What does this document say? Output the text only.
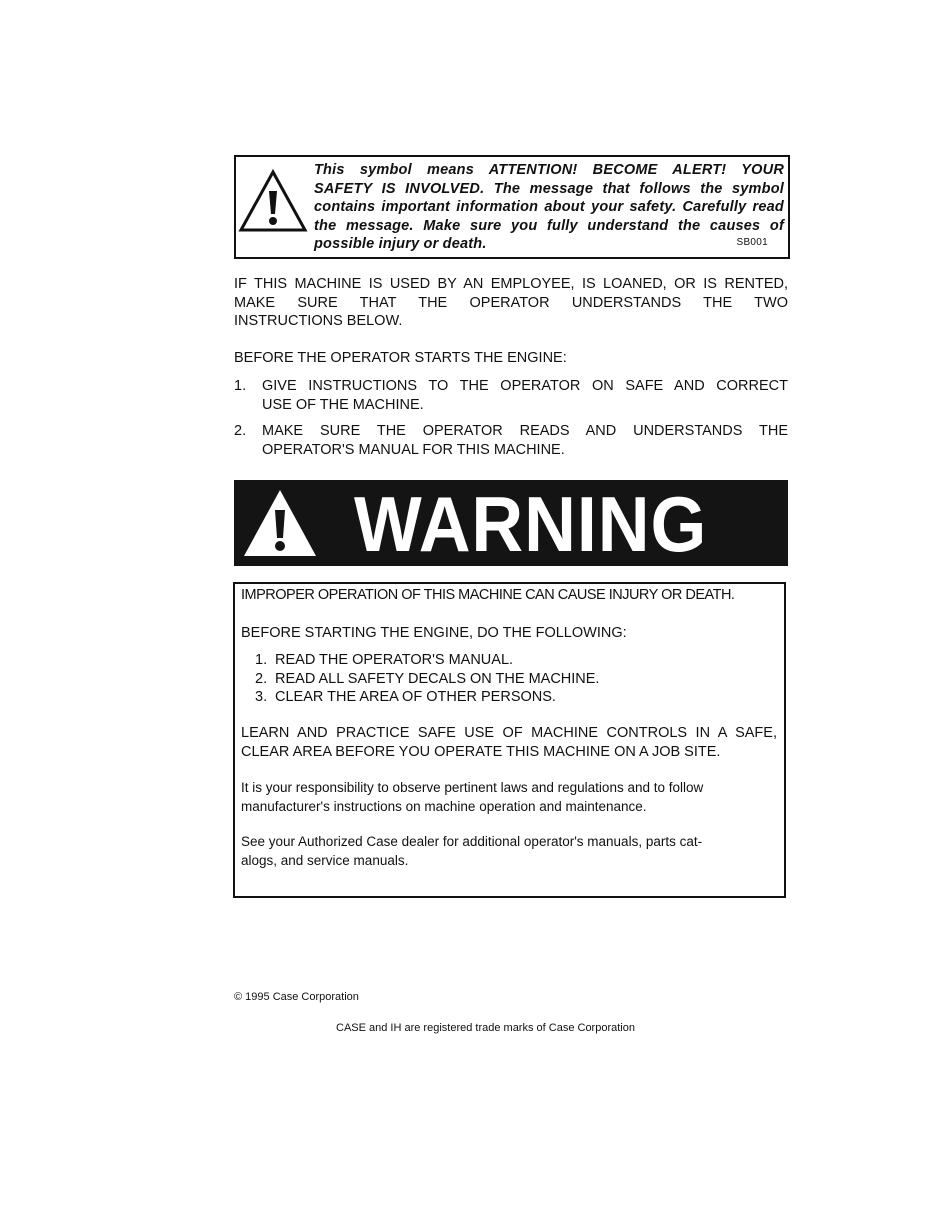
This symbol means ATTENTION! BECOME ALERT! YOUR
SAFETY IS INVOLVED. The message that follows the symbol
contains important information about your safety. Carefully read
the message. Make sure you fully understand the causes of
possible injury or death.	SB001
IF THIS MACHINE IS USED BY AN EMPLOYEE, IS LOANED, OR IS RENTED,
MAKE SURE THAT THE OPERATOR UNDERSTANDS THE TWO
INSTRUCTIONS BELOW.
BEFORE THE OPERATOR STARTS THE ENGINE:
1. GIVE INSTRUCTIONS TO THE OPERATOR ON SAFE AND CORRECT
USE OF THE MACHINE.
2. MAKE SURE THE OPERATOR READS AND UNDERSTANDS THE
OPERATOR'S MANUAL FOR THIS MACHINE.
WARNING
IMPROPER OPERATION OF THIS MACHINE CAN CAUSE INJURY OR DEATH.
BEFORE STARTING THE ENGINE, DO THE FOLLOWING:
1. READ THE OPERATOR'S MANUAL.
2. READ ALL SAFETY DECALS ON THE MACHINE.
3. CLEAR THE AREA OF OTHER PERSONS.
LEARN AND PRACTICE SAFE USE OF MACHINE CONTROLS IN A SAFE,
CLEAR AREA BEFORE YOU OPERATE THIS MACHINE ON A JOB SITE.
It is your responsibility to observe pertinent laws and regulations and to follow
manufacturer's instructions on machine operation and maintenance.
See your Authorized Case dealer for additional operator's manuals, parts cat-
alogs, and service manuals.
© 1995 Case Corporation
CASE and IH are registered trade marks of Case Corporation
